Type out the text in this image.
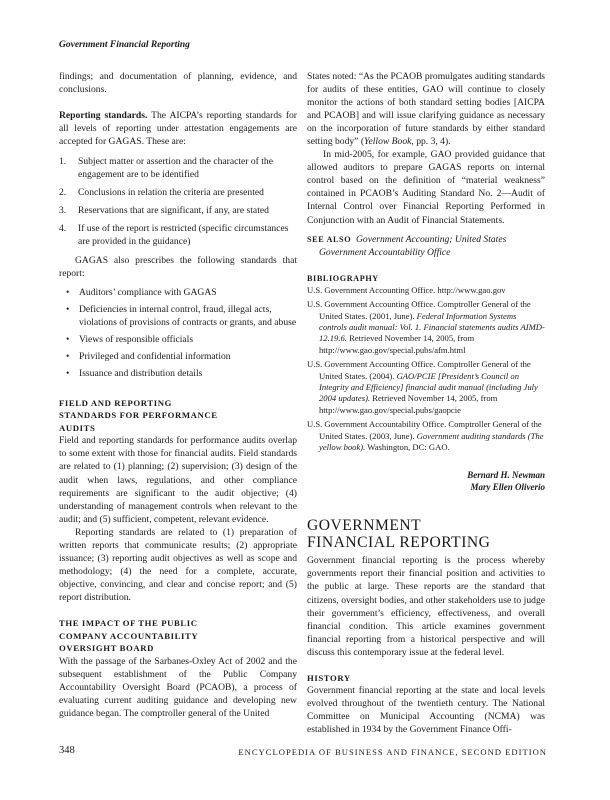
Government Financial Reporting

findings; and documentation of planning, evidence, and conclusions.

Reporting standards. The AICPA’s reporting standards for all levels of reporting under attestation engagements are accepted for GAGAS. These are:

1. Subject matter or assertion and the character of the engagement are to be identified
2. Conclusions in relation the criteria are presented
3. Reservations that are significant, if any, are stated
4. If use of the report is restricted (specific circumstances are provided in the guidance)

GAGAS also prescribes the following standards that report:

• Auditors’ compliance with GAGAS
• Deficiencies in internal control, fraud, illegal acts, violations of provisions of contracts or grants, and abuse
• Views of responsible officials
• Privileged and confidential information
• Issuance and distribution details
FIELD AND REPORTING
STANDARDS FOR PERFORMANCE
AUDITS

Field and reporting standards for performance audits overlap to some extent with those for financial audits. Field standards are related to (1) planning; (2) supervision; (3) design of the audit when laws, regulations, and other compliance requirements are significant to the audit objective; (4) understanding of management controls when relevant to the audit; and (5) sufficient, competent, relevant evidence.

Reporting standards are related to (1) preparation of written reports that communicate results; (2) appropriate issuance; (3) reporting audit objectives as well as scope and methodology; (4) the need for a complete, accurate, objective, convincing, and clear and concise report; and (5) report distribution.

THE IMPACT OF THE PUBLIC
COMPANY ACCOUNTABILITY
OVERSIGHT BOARD

With the passage of the Sarbanes-Oxley Act of 2002 and the subsequent establishment of the Public Company Accountability Oversight Board (PCAOB), a process of evaluating current auditing guidance and developing new guidance began. The comptroller general of the United

States noted: “As the PCAOB promulgates auditing standards for audits of these entities, GAO will continue to closely monitor the actions of both standard setting bodies [AICPA and PCAOB] and will issue clarifying guidance as necessary on the incorporation of future standards by either standard setting body” (Yellow Book, pp. 3, 4).

In mid-2005, for example, GAO provided guidance that allowed auditors to prepare GAGAS reports on internal control based on the definition of “material weakness” contained in PCAOB’s Auditing Standard No. 2—Audit of Internal Control over Financial Reporting Performed in Conjunction with an Audit of Financial Statements.

SEE ALSO Government Accounting; United States Government Accountability Office

BIBLIOGRAPHY

U.S. Government Accounting Office. http://www.gao.gov

U.S. Government Accounting Office. Comptroller General of the United States. (2001, June). Federal Information Systems controls audit manual: Vol. 1. Financial statements audits AIMD-12.19.6. Retrieved November 14, 2005, from http://www.gao.gov/special.pubs/afm.html

U.S. Government Accounting Office. Comptroller General of the United States. (2004). GAO/PCIE [President’s Council on Integrity and Efficiency] financial audit manual (including July 2004 updates). Retrieved November 14, 2005, from http://www.gao.gov/special.pubs/gaopcie

U.S. Government Accountability Office. Comptroller General of the United States. (2003, June). Government auditing standards (The yellow book). Washington, DC: GAO.

Bernard H. Newman
Mary Ellen Oliverio
GOVERNMENT
FINANCIAL REPORTING

Government financial reporting is the process whereby governments report their financial position and activities to the public at large. These reports are the standard that citizens, oversight bodies, and other stakeholders use to judge their government’s efficiency, effectiveness, and overall financial condition. This article examines government financial reporting from a historical perspective and will discuss this contemporary issue at the federal level.

HISTORY

Government financial reporting at the state and local levels evolved throughout of the twentieth century. The National Committee on Municipal Accounting (NCMA) was established in 1934 by the Government Finance Offi-

348	ENCYCLOPEDIA OF BUSINESS AND FINANCE, SECOND EDITION
